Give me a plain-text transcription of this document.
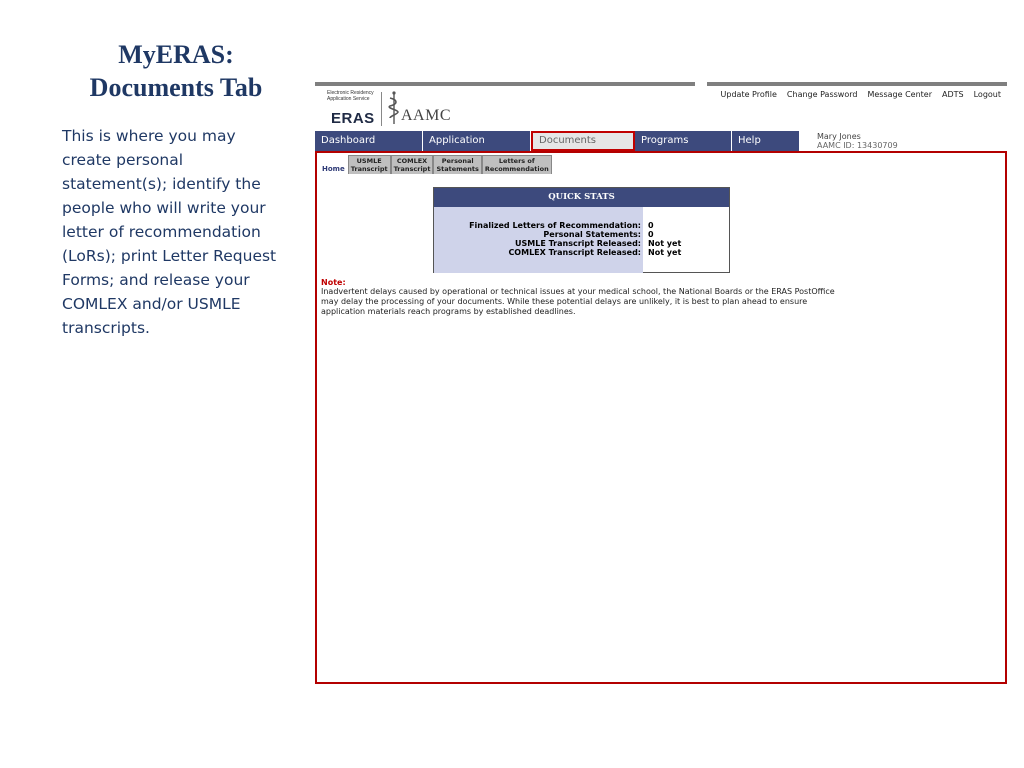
MyERAS:
Documents Tab
This is where you may create personal statement(s); identify the people who will write your letter of recommendation (LoRs); print Letter Request Forms; and release your COMLEX and/or USMLE transcripts.
Electronic Residency
Application Service
ERAS AAMC
Update Profile Change Password Message Center ADTS Logout
Dashboard	Application	Documents	Programs	Help	Mary Jones
AAMC ID: 13430709
Home
USMLE
Transcript
COMLEX
Transcript
Personal
Statements
Letters of
Recommendation
QUICK STATS
Finalized Letters of Recommendation: 0
Personal Statements: 0
USMLE Transcript Released: Not yet
COMLEX Transcript Released: Not yet
Note:
Inadvertent delays caused by operational or technical issues at your medical school, the National Boards or the ERAS PostOffice may delay the processing of your documents. While these potential delays are unlikely, it is best to plan ahead to ensure application materials reach programs by established deadlines.
